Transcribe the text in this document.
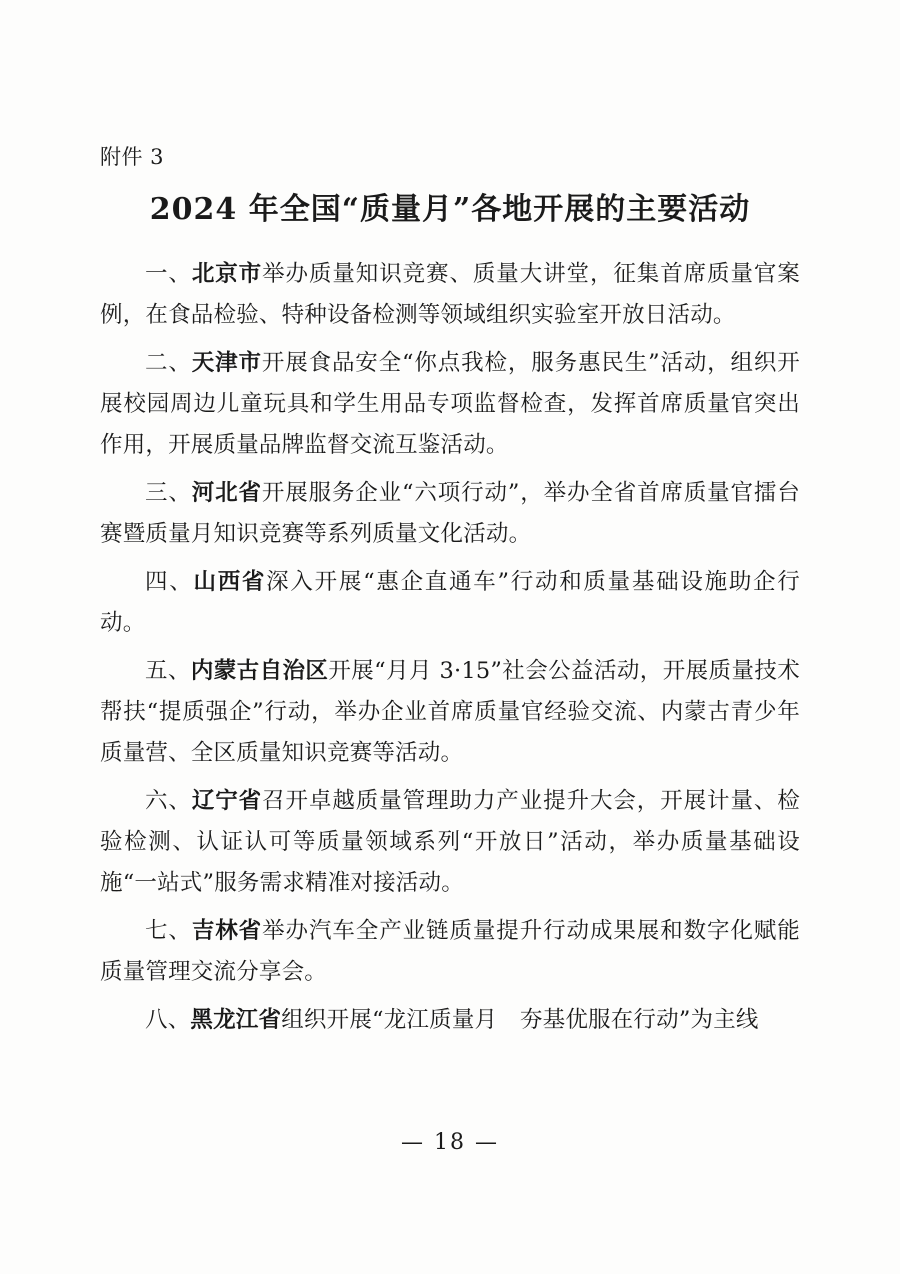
附件 3
2024 年全国“质量月”各地开展的主要活动

一、北京市举办质量知识竞赛、质量大讲堂，征集首席质量官案例，在食品检验、特种设备检测等领域组织实验室开放日活动。

二、天津市开展食品安全“你点我检，服务惠民生”活动，组织开展校园周边儿童玩具和学生用品专项监督检查，发挥首席质量官突出作用，开展质量品牌监督交流互鉴活动。

三、河北省开展服务企业“六项行动”，举办全省首席质量官擂台赛暨质量月知识竞赛等系列质量文化活动。

四、山西省深入开展“惠企直通车”行动和质量基础设施助企行动。

五、内蒙古自治区开展“月月 3·15”社会公益活动，开展质量技术帮扶“提质强企”行动，举办企业首席质量官经验交流、内蒙古青少年质量营、全区质量知识竞赛等活动。

六、辽宁省召开卓越质量管理助力产业提升大会，开展计量、检验检测、认证认可等质量领域系列“开放日”活动，举办质量基础设施“一站式”服务需求精准对接活动。

七、吉林省举办汽车全产业链质量提升行动成果展和数字化赋能质量管理交流分享会。

八、黑龙江省组织开展“龙江质量月　夯基优服在行动”为主线

— 18 —
